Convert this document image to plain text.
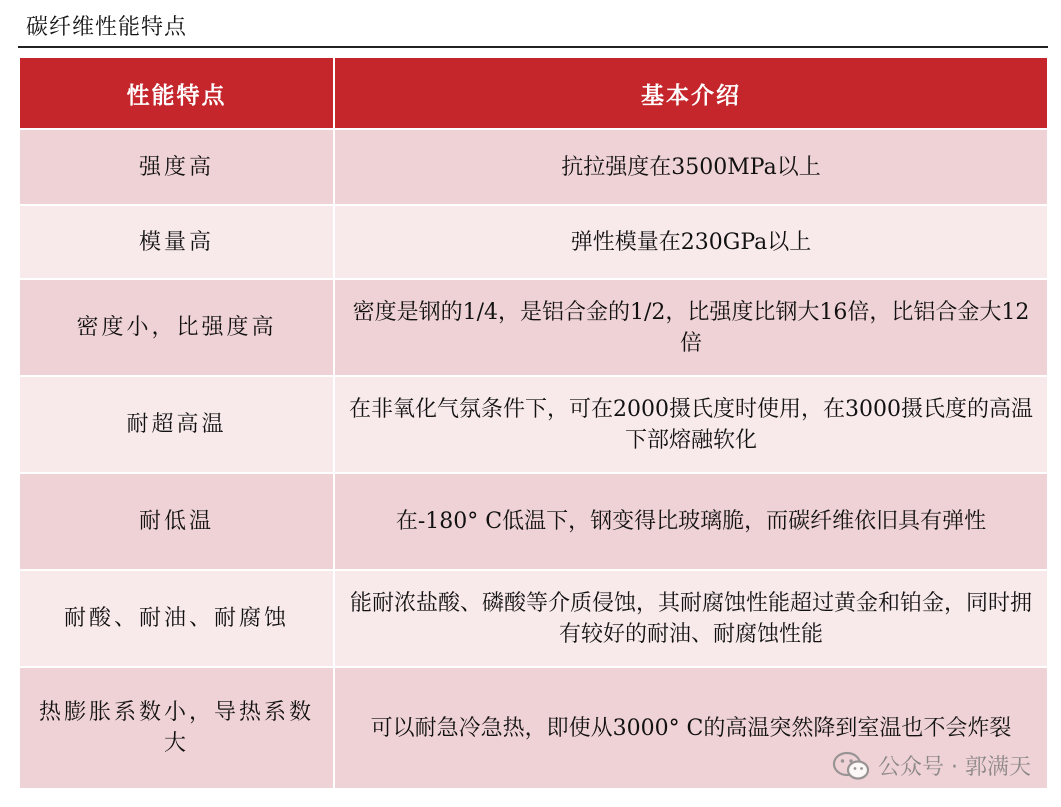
碳纤维性能特点
性能特点	基本介绍
强度高	抗拉强度在3500MPa以上
模量高	弹性模量在230GPa以上
密度小，比强度高	密度是钢的1/4，是铝合金的1/2，比强度比钢大16倍，比铝合金大12倍
耐超高温	在非氧化气氛条件下，可在2000摄氏度时使用，在3000摄氏度的高温下部熔融软化
耐低温	在-180° C低温下，钢变得比玻璃脆，而碳纤维依旧具有弹性
耐酸、耐油、耐腐蚀	能耐浓盐酸、磷酸等介质侵蚀，其耐腐蚀性能超过黄金和铂金，同时拥有较好的耐油、耐腐蚀性能
热膨胀系数小，导热系数大	可以耐急冷急热，即使从3000° C的高温突然降到室温也不会炸裂
公众号 · 郭满天
